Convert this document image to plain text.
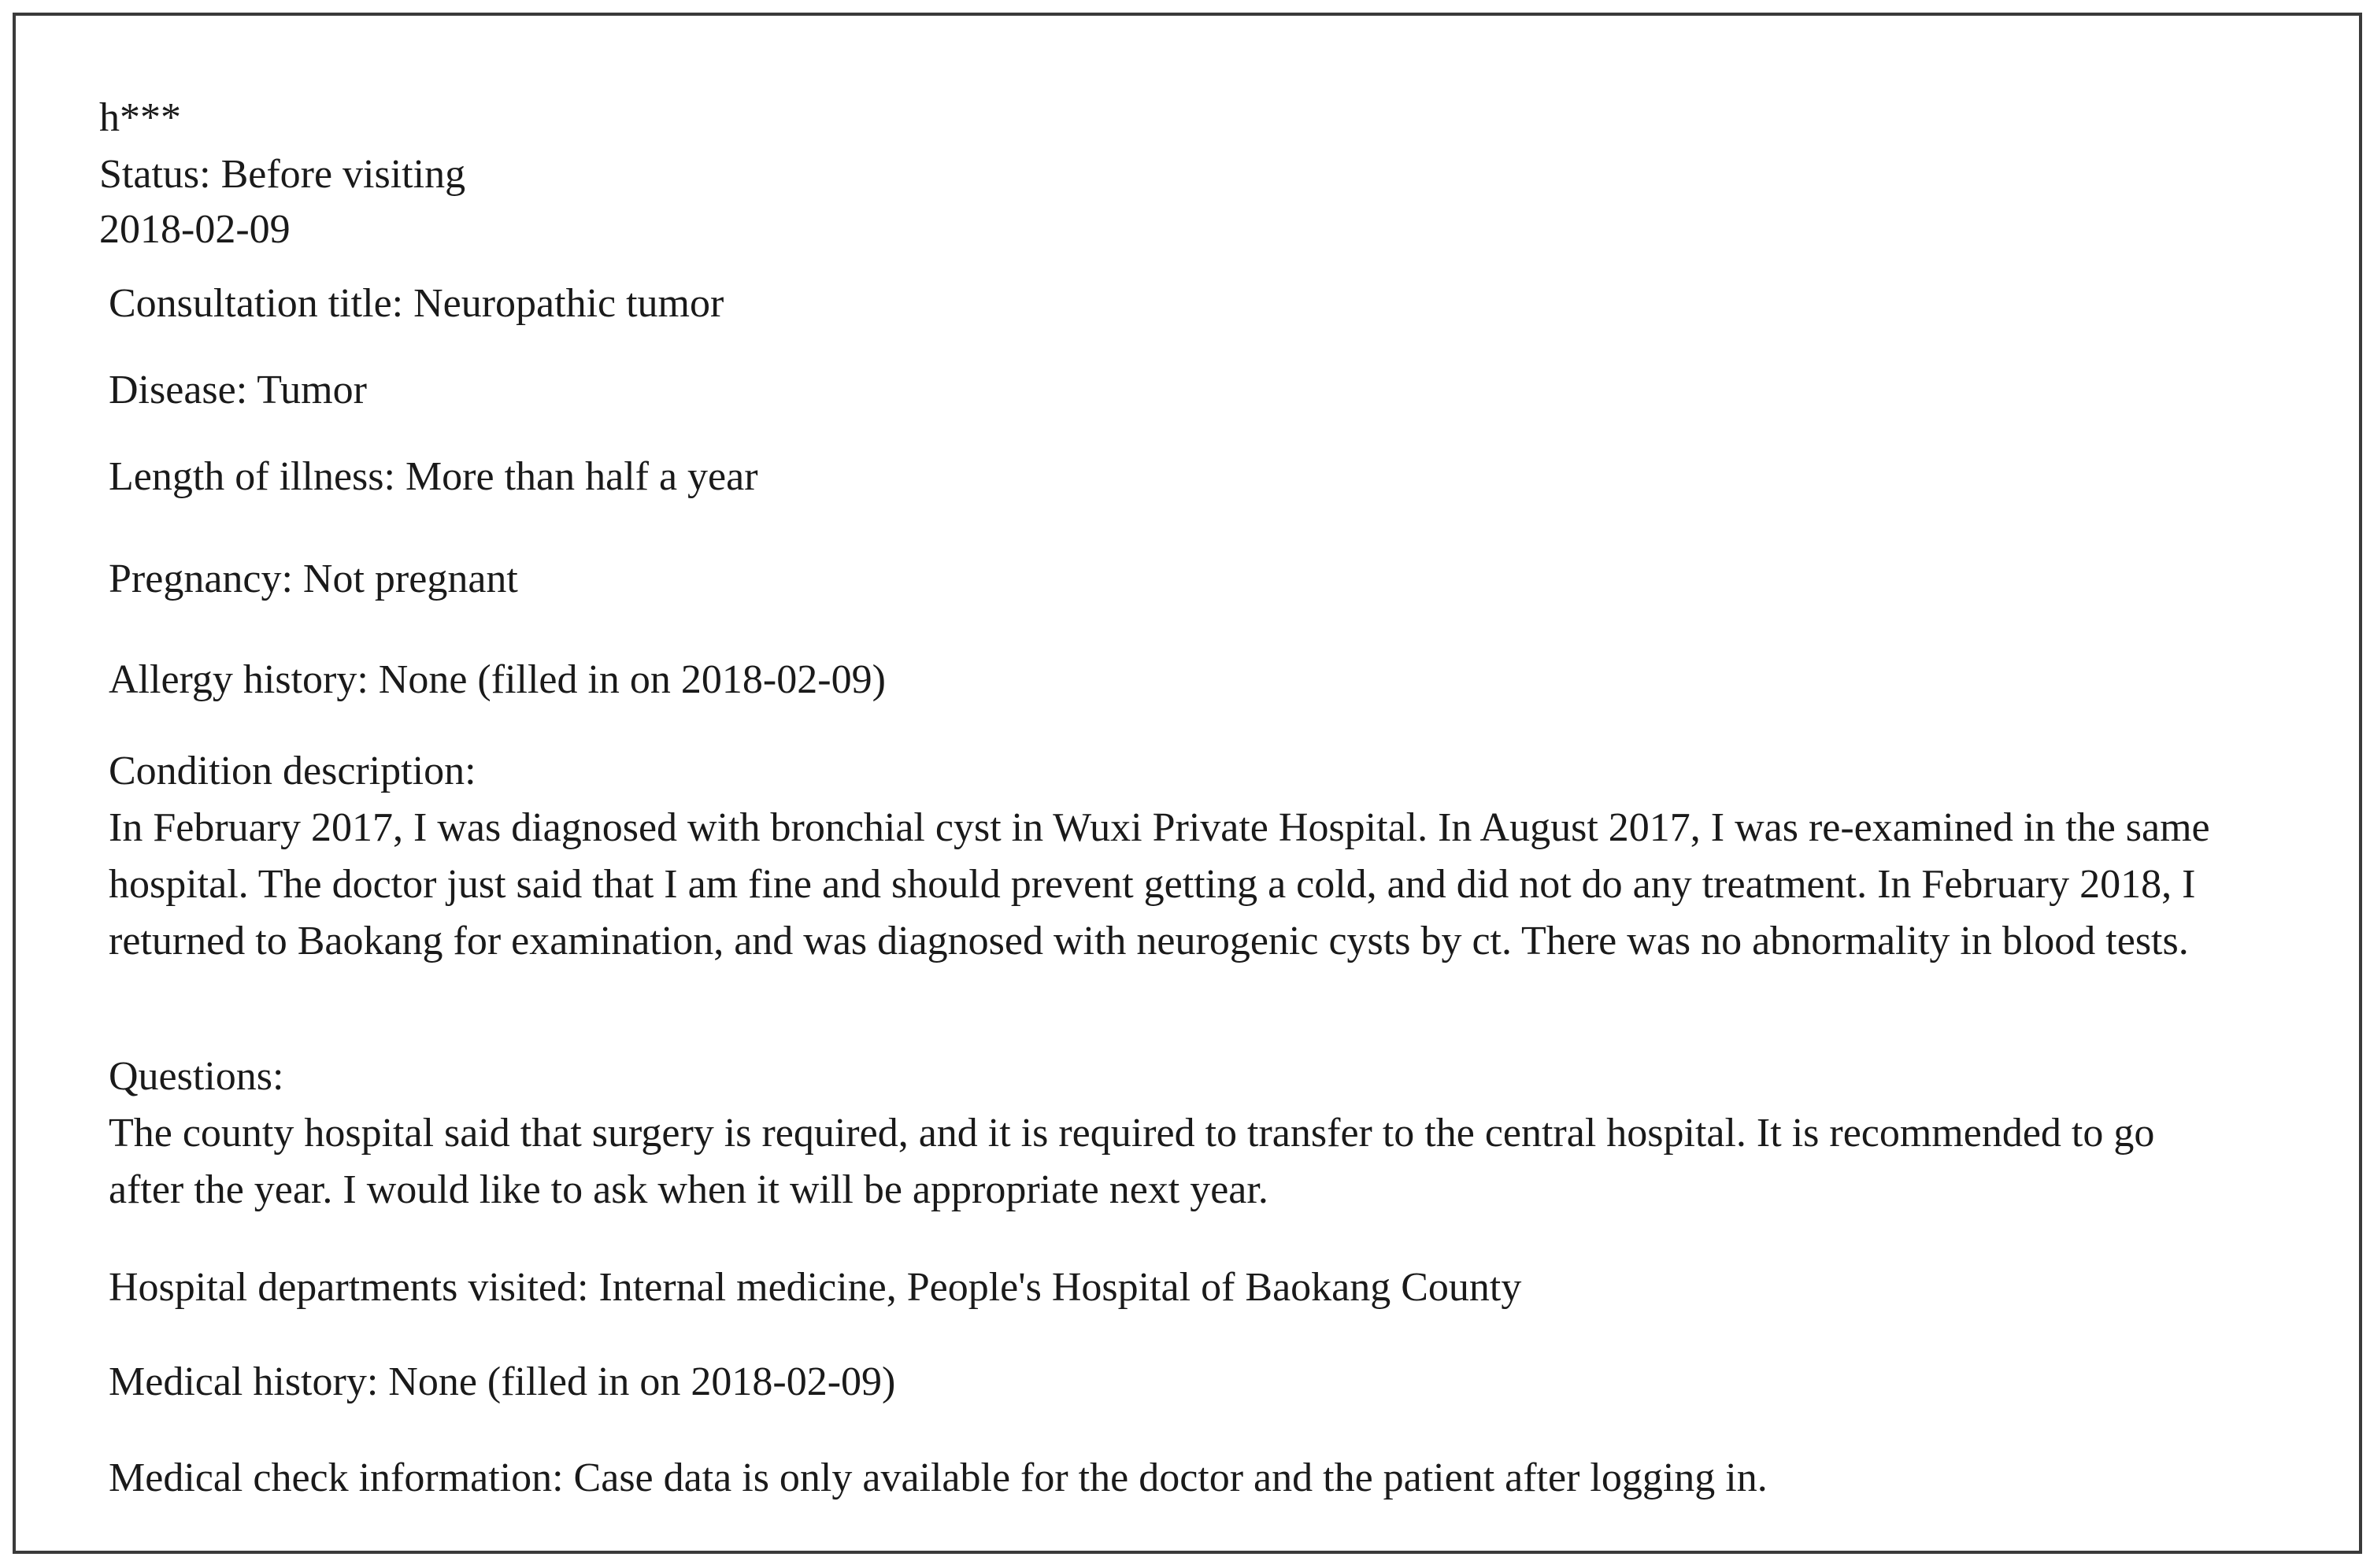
h***

Status: Before visiting

2018-02-09

Consultation title: Neuropathic tumor

Disease: Tumor

Length of illness: More than half a year

Pregnancy: Not pregnant

Allergy history: None (filled in on 2018-02-09)

Condition description:

In February 2017, I was diagnosed with bronchial cyst in Wuxi Private Hospital. In August 2017, I was re-examined in the same hospital. The doctor just said that I am fine and should prevent getting a cold, and did not do any treatment. In February 2018, I returned to Baokang for examination, and was diagnosed with neurogenic cysts by ct. There was no abnormality in blood tests.

Questions:

The county hospital said that surgery is required, and it is required to transfer to the central hospital. It is recommended to go after the year. I would like to ask when it will be appropriate next year.

Hospital departments visited: Internal medicine, People's Hospital of Baokang County

Medical history: None (filled in on 2018-02-09)

Medical check information: Case data is only available for the doctor and the patient after logging in.
